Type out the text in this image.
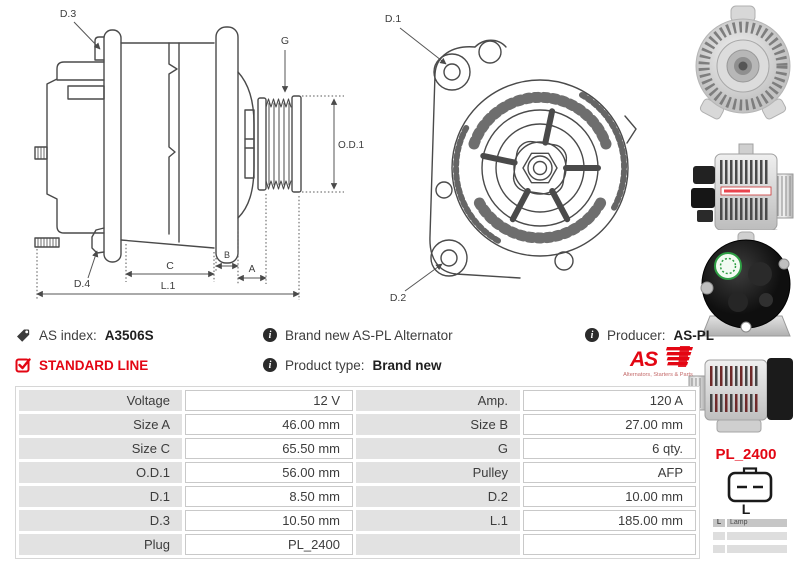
D.3
G
O.D.1
D.4
C
B
A
L.1
D.1
D.2
AS index: A3506S	i	Brand new AS-PL Alternator	i	Producer: AS-PL
STANDARD LINE	i	Product type: Brand new	AS
Alternators, Starters & Parts
Voltage	12 V	Amp.	120 A
Size A	46.00 mm	Size B	27.00 mm
Size C	65.50 mm	G	6 qty.
O.D.1	56.00 mm	Pulley	AFP
D.1	8.50 mm	D.2	10.00 mm
D.3	10.50 mm	L.1	185.00 mm
Plug	PL_2400
PL_2400
L
L	Lamp
